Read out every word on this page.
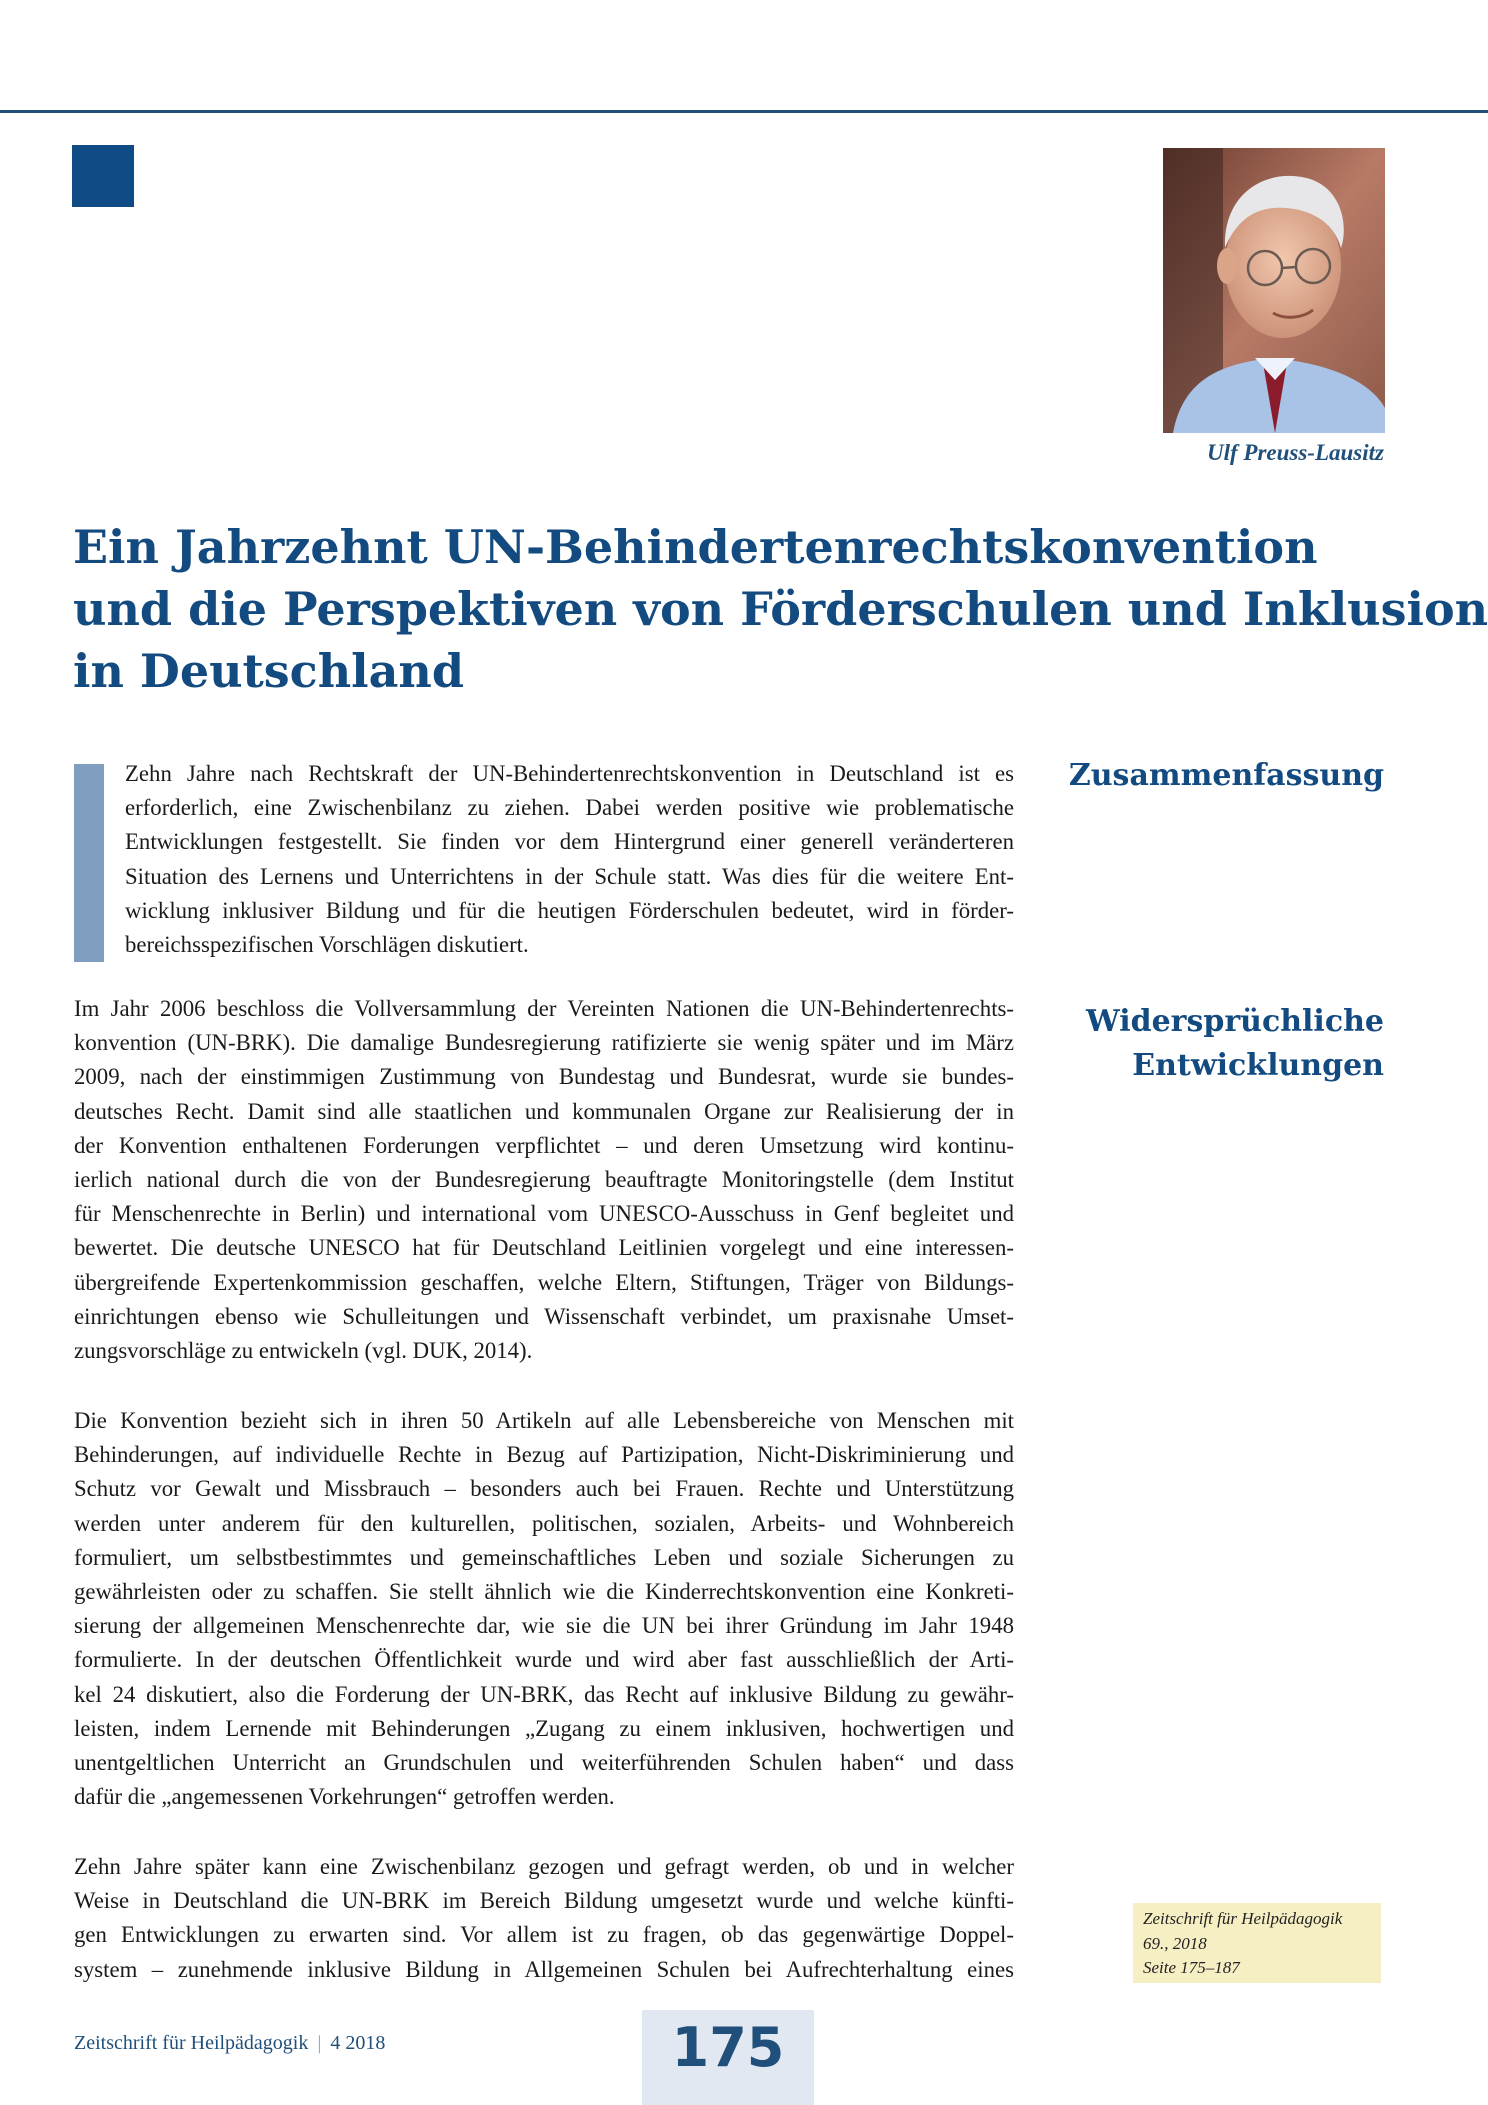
Ulf Preuss-Lausitz
Ein Jahrzehnt UN-Behindertenrechtskonvention
und die Perspektiven von Förderschulen und Inklusion
in Deutschland
Zusammenfassung
Widersprüchliche
Entwicklungen
Zehn Jahre nach Rechtskraft der UN-Behindertenrechtskonvention in Deutschland ist es
erforderlich, eine Zwischenbilanz zu ziehen. Dabei werden positive wie problematische
Entwicklungen festgestellt. Sie finden vor dem Hintergrund einer generell veränderteren
Situation des Lernens und Unterrichtens in der Schule statt. Was dies für die weitere Ent-
wicklung inklusiver Bildung und für die heutigen Förderschulen bedeutet, wird in förder-
bereichsspezifischen Vorschlägen diskutiert.
Im Jahr 2006 beschloss die Vollversammlung der Vereinten Nationen die UN-Behindertenrechts-
konvention (UN-BRK). Die damalige Bundesregierung ratifizierte sie wenig später und im März
2009, nach der einstimmigen Zustimmung von Bundestag und Bundesrat, wurde sie bundes-
deutsches Recht. Damit sind alle staatlichen und kommunalen Organe zur Realisierung der in
der Konvention enthaltenen Forderungen verpflichtet – und deren Umsetzung wird kontinu-
ierlich national durch die von der Bundesregierung beauftragte Monitoringstelle (dem Institut
für Menschenrechte in Berlin) und international vom UNESCO-Ausschuss in Genf begleitet und
bewertet. Die deutsche UNESCO hat für Deutschland Leitlinien vorgelegt und eine interessen-
übergreifende Expertenkommission geschaffen, welche Eltern, Stiftungen, Träger von Bildungs-
einrichtungen ebenso wie Schulleitungen und Wissenschaft verbindet, um praxisnahe Umset-
zungsvorschläge zu entwickeln (vgl. DUK, 2014).
Die Konvention bezieht sich in ihren 50 Artikeln auf alle Lebensbereiche von Menschen mit
Behinderungen, auf individuelle Rechte in Bezug auf Partizipation, Nicht-Diskriminierung und
Schutz vor Gewalt und Missbrauch – besonders auch bei Frauen. Rechte und Unterstützung
werden unter anderem für den kulturellen, politischen, sozialen, Arbeits- und Wohnbereich
formuliert, um selbstbestimmtes und gemeinschaftliches Leben und soziale Sicherungen zu
gewährleisten oder zu schaffen. Sie stellt ähnlich wie die Kinderrechtskonvention eine Konkreti-
sierung der allgemeinen Menschenrechte dar, wie sie die UN bei ihrer Gründung im Jahr 1948
formulierte. In der deutschen Öffentlichkeit wurde und wird aber fast ausschließlich der Arti-
kel 24 diskutiert, also die Forderung der UN-BRK, das Recht auf inklusive Bildung zu gewähr-
leisten, indem Lernende mit Behinderungen „Zugang zu einem inklusiven, hochwertigen und
unentgeltlichen Unterricht an Grundschulen und weiterführenden Schulen haben“ und dass
dafür die „angemessenen Vorkehrungen“ getroffen werden.
Zehn Jahre später kann eine Zwischenbilanz gezogen und gefragt werden, ob und in welcher
Weise in Deutschland die UN-BRK im Bereich Bildung umgesetzt wurde und welche künfti-
gen Entwicklungen zu erwarten sind. Vor allem ist zu fragen, ob das gegenwärtige Doppel-
system – zunehmende inklusive Bildung in Allgemeinen Schulen bei Aufrechterhaltung eines
Zeitschrift für Heilpädagogik
69., 2018
Seite 175–187
Zeitschrift für Heilpädagogik | 4 2018	175
